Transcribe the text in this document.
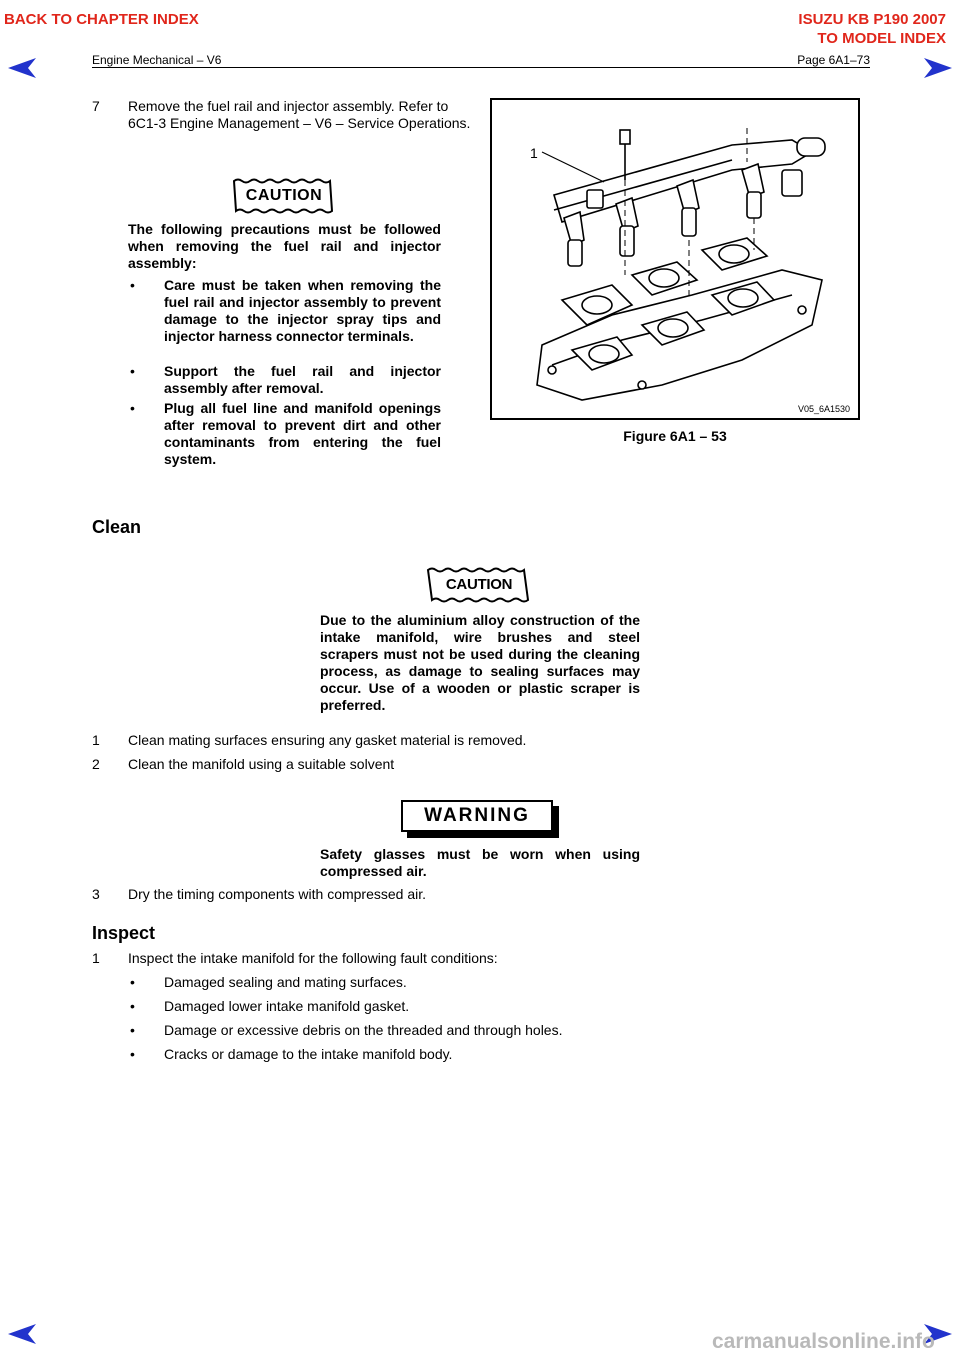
BACK TO CHAPTER INDEX	ISUZU KB P190 2007
TO MODEL INDEX
Engine Mechanical – V6	Page 6A1–73
7 Remove the fuel rail and injector assembly. Refer to 6C1-3 Engine Management – V6 – Service Operations.
CAUTION
The following precautions must be followed when removing the fuel rail and injector assembly:
• Care must be taken when removing the fuel rail and injector assembly to prevent damage to the injector spray tips and injector harness connector terminals.
• Support the fuel rail and injector assembly after removal.
• Plug all fuel line and manifold openings after removal to prevent dirt and other contaminants from entering the fuel system.
1
V05_6A1530
Figure 6A1 – 53
Clean
CAUTION
Due to the aluminium alloy construction of the intake manifold, wire brushes and steel scrapers must not be used during the cleaning process, as damage to sealing surfaces may occur. Use of a wooden or plastic scraper is preferred.
1 Clean mating surfaces ensuring any gasket material is removed.
2 Clean the manifold using a suitable solvent
WARNING
Safety glasses must be worn when using compressed air.
3 Dry the timing components with compressed air.
Inspect
1 Inspect the intake manifold for the following fault conditions:
• Damaged sealing and mating surfaces.
• Damaged lower intake manifold gasket.
• Damage or excessive debris on the threaded and through holes.
• Cracks or damage to the intake manifold body.
carmanualsonline.info
